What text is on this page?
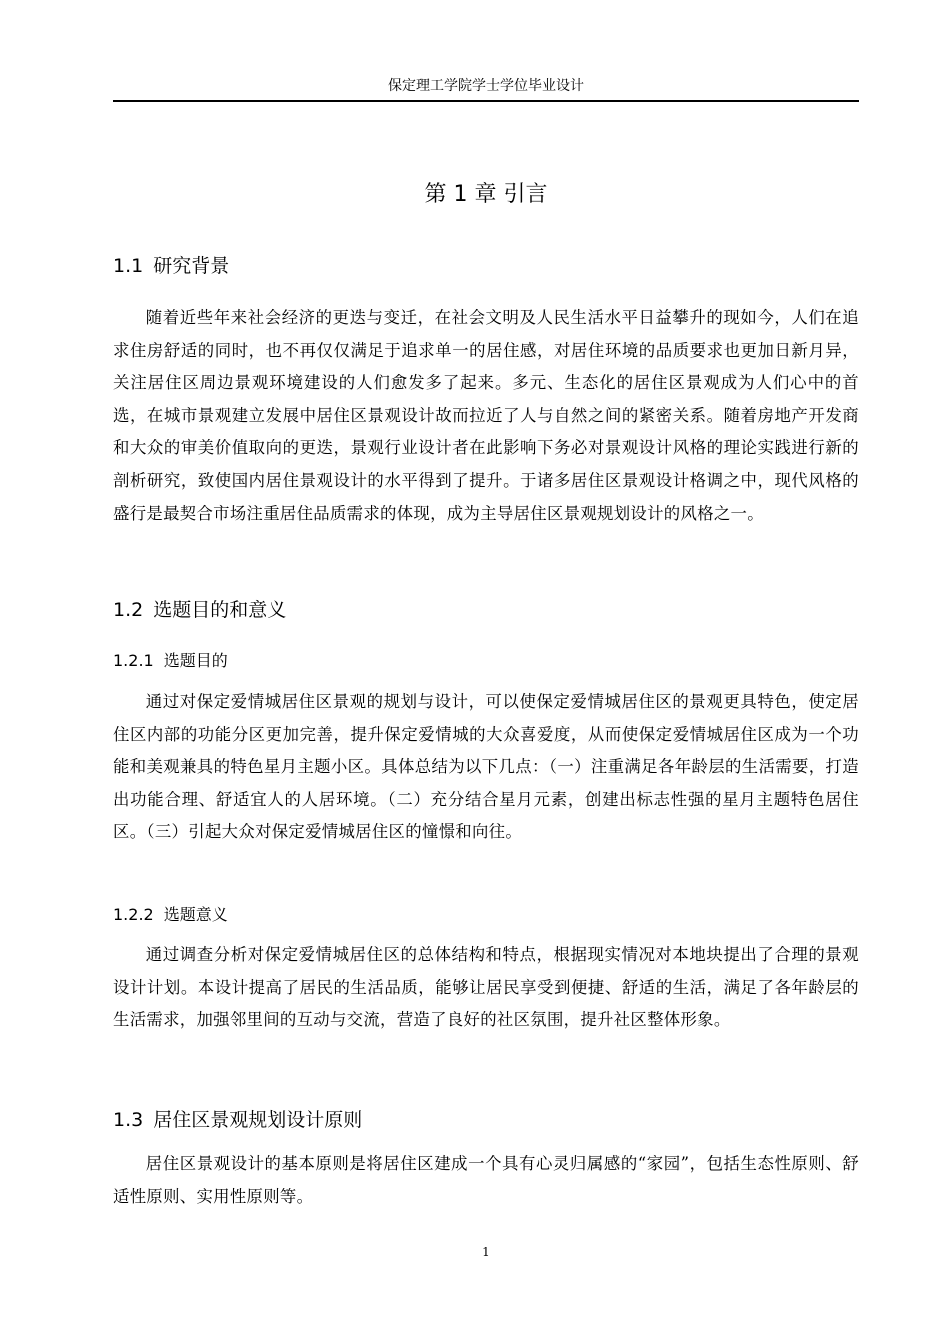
保定理工学院学士学位毕业设计
第 1 章 引言
1.1 研究背景

随着近些年来社会经济的更迭与变迁，在社会文明及人民生活水平日益攀升的现如今，人们在追求住房舒适的同时，也不再仅仅满足于追求单一的居住感，对居住环境的品质要求也更加日新月异，关注居住区周边景观环境建设的人们愈发多了起来。多元、生态化的居住区景观成为人们心中的首选，在城市景观建立发展中居住区景观设计故而拉近了人与自然之间的紧密关系。随着房地产开发商和大众的审美价值取向的更迭，景观行业设计者在此影响下务必对景观设计风格的理论实践进行新的剖析研究，致使国内居住景观设计的水平得到了提升。于诸多居住区景观设计格调之中，现代风格的盛行是最契合市场注重居住品质需求的体现，成为主导居住区景观规划设计的风格之一。

1.2 选题目的和意义
1.2.1 选题目的

通过对保定爱情城居住区景观的规划与设计，可以使保定爱情城居住区的景观更具特色，使定居住区内部的功能分区更加完善，提升保定爱情城的大众喜爱度，从而使保定爱情城居住区成为一个功能和美观兼具的特色星月主题小区。具体总结为以下几点：（一）注重满足各年龄层的生活需要，打造出功能合理、舒适宜人的人居环境。（二）充分结合星月元素，创建出标志性强的星月主题特色居住区。（三）引起大众对保定爱情城居住区的憧憬和向往。

1.2.2 选题意义

通过调查分析对保定爱情城居住区的总体结构和特点，根据现实情况对本地块提出了合理的景观设计计划。本设计提高了居民的生活品质，能够让居民享受到便捷、舒适的生活，满足了各年龄层的生活需求，加强邻里间的互动与交流，营造了良好的社区氛围，提升社区整体形象。

1.3 居住区景观规划设计原则

居住区景观设计的基本原则是将居住区建成一个具有心灵归属感的“家园”，包括生态性原则、舒适性原则、实用性原则等。

1
